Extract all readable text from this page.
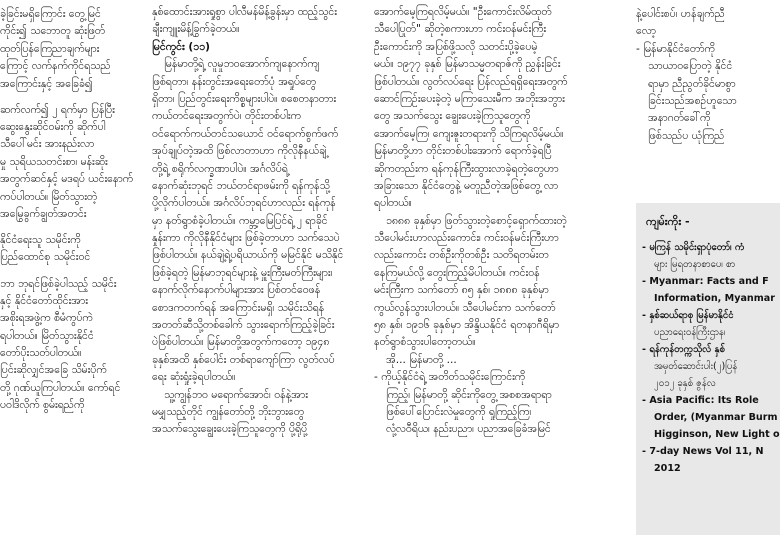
ခဲ့ခြင်းမရှိကြောင်း တွေ့မြင်
ကိုင်း၍ သဘောတူ ဆုံးဖြတ်
ထုတ်ပြန်ကြေညာချက်များ
ကြောင့် လက်နက်ကိုင်ရသည်
အကြောင်းနှင့် အခြေခံ၍
ဆက်လက်၍ ၂ ရက်မှာ ပြန်ပြီး
ဆွေးနွေးဆိုင်ဝမ်းကို ဆိုက်ပါ
သီပေါ်မင်း အားနည်းလာ
မှု သုရိယသတင်းစာ၊ မန်းဆိုး
အတွက်ဆင်နှင့် မဒရပ် ယင်းနောက်
ကပ်ပါတယ်။ မြိတ်သွားတဲ့
အမြွေခွက်ချွတ်အတင်း
နိုင်ငံရေးသူ သမိုင်းကို
ပြည်ထောင်စု သမိုင်းဝင်
ဘာ ဘုရင်ဖြစ်ခဲ့ပါသည့် သမိုင်း
နှင့် နိုင်ငံတော်ထိုင်းအား
အစိုးရအဖွဲ့က စီမံကွပ်ကဲ
ရပါတယ်။ မြိတ်သွားနိုင်ငံ
တော်ပိုးသတ်ပါတယ်။
ပြင်းဆိုလျှင်အခြေ သိမ်းပိုက်
တို့ ဂုဏ်ယူကြပါတယ်။ ကော်ရင်
ပဝါဒိလိုက် စွမ်းရည်ကို
နှစ်ထောင်းအားရှုစွာ ပါလီမန်မိန့်ခွန်းမှာ ထည့်သွင်း
ချီးကျူးမိန့်ခြွက်ခဲ့တယ်။
မြင်ကွင်း (၁၁)
မြန်မာတို့ရဲ့ လူမှုဘဝအောက်ကျနောက်ကျ
ဖြစ်ရတာ၊ နန်းတွင်းအရေးတော်ပုံ အရှုပ်တွေ
ရှိတာ၊ ပြည်တွင်းရေးကိစ္စများပါပဲ။ စစေတနာတား
ကယ်တင်ရေးအတွက်ပဲ၊ တိုင်းတစ်ပါးက
ဝင်ရောက်ကယ်တင်သယောင် ဝင်ရောက်စွက်ဖက်
အုပ်ချုပ်တဲ့အထိ ဖြစ်လာတာဟာ ကိုလိုနီနယ်ချဲ့
တို့ရဲ့ စရိုက်လက္ခဏာပါပဲ။ အင်္ဂလိပ်ရဲ့
နောက်ဆုံးဘုရင် ဘယ်တင်ရာဖမ်းကို ရန်ကုန်သို့
ပို့လိုက်ပါတယ်။ အင်္ဂလိပ်ဘုရင်ဟာလည်း ရန်ကုန်
မှာ နတ်ရွာစံခဲ့ပါတယ်။ ကမ္ဘာ့မြေပြင်ရဲ့ ၂ ရာခိုင်
နှုန်းကာ ကိုလိုနီနိုင်ငံများ ဖြစ်ခဲ့တာဟာ သက်သေပဲ
ဖြစ်ပါတယ်။ နယ်ချဲ့ရဲ့ပရိယာယ်ကို မမြင်နိုင် မသိနိုင်
ဖြစ်ခဲ့ရတဲ့ မြန်မာဘုရင်များနဲ့ မှူးကြီးမတ်ကြီးများ၊
နောက်လိုက်နောက်ပါများအား ပြစ်တင်ဝေဖန်
စောဒကတက်ရန် အကြောင်းမရှိ၊ သမိုင်းသိရန်
အတတ်ဆီသို့တစ်ခေါက် သွားရောက်ကြည့်ခဲ့ခြင်း
ပဲဖြစ်ပါတယ်။ မြန်မာတို့အတွက်ကတော့ ၁၉၄၈
ခုနှစ်အထိ နှစ်ပေါင်း တစ်ရာကျော်ကြာ လွတ်လပ်
ရေး ဆုံးရှုံးခဲ့ရပါတယ်။
သူ့ကျွန်ဘဝ မရောက်အောင်၊ ဝန်နဲ့အား
မမျှသည့်တိုင် ကျွန်တော်တို့ ဘိုးဘွားတွေ
အသက်သွေးချွေးပေးခဲ့ကြသူတွေကို ပို့ရိုပို့
အောက်မေ့ကြရလိမ့်မယ်။ "ဦးကောင်းလိမ်ထုတ်
သီပေါပြုတ်" ဆိုတဲ့စကားဟာ ကင်းဝန်မင်းကြီး
ဦးကောင်းကို အပြစ်ဖို့သလို သတင်းပို့ခဲ့ပေမဲ့
မယ်။ ၁၉၇၇ ခုနှစ် မြန်မာသမ္မတရာဇ်ကို ညွှန်းခြင်း
ဖြစ်ပါတယ်။ လွတ်လပ်ရေး ပြန်လည်ရရှိရေးအတွက်
ဆောင်ကြဉ်းပေးခဲ့တဲ့ မကြာသေးမီက အဘိုးအဘွား
တွေ အသက်သွေး ချွေးပေးခဲ့ကြသူတွေကို
အောက်မေ့ကြ၊ ကျေးဇူးတရားကို သိကြရလိမ့်မယ်။
မြန်မာတို့ဟာ တိုင်းတစ်ပါးအောက် ရောက်ခဲ့ရပြီ
ဆိုကတည်းက ရန်ကုန်ကြီးထွားလာခဲ့ရတဲ့တွေဟာ
အခြားသော နိုင်ငံတွေနဲ့ မတူညီတဲ့အဖြစ်တွေ့ လာ
ရပါတယ်။
၁၈၈၈ ခုနှစ်မှာ ဖြတ်သွားတဲ့စောင့်ရှောက်ထားတဲ့
သီပေါမင်းဟာလည်းကောင်း၊ ကင်းဝန်မင်းကြီးဟာ
လည်းကောင်း တစ်ဦးကိုတစ်ဦး သတိရတမ်းတ
နေကြမယ်လို့ တွေးကြည့်မိပါတယ်။ ကင်းဝန်
မင်းကြီးက သက်တော် ၈၅ နှစ်၊ ၁၈၈၈ ခုနှစ်မှာ
ကွယ်လွန်သွားပါတယ်။ သီပေါမင်းက သက်တော်
၅၈ နှစ်၊ ၁၉၁၆ ခုနှစ်မှာ အိန္ဒိယနိုင်ငံ ရတနာဂီရိမှာ
နတ်ရွာစံသွားပါတော့တယ်။
အို... မြန်မာတို့ ...
- ကိုယ့်နိုင်ငံရဲ့ အတိတ်သမိုင်းကြောင်းကို
ကြည့်၊ မြန်မာတို့ ဆိုင်းကိုတွေ့ အစစအရာရာ
ဖြစ်ပေါ်ပြောင်းလဲမှုတွေကို ရှုကြည့်ကြ၊
လုံ့လဝီရိယ၊ နည်းပညာ၊ ပညာအခြေခံအမြင်
နဲ့ပေါင်းစပ်၊ ဟန်ချက်ညီ
လော့
- မြန်မာနိုင်ငံတော်ကို
သာယာဝပြောတဲ့ နိုင်ငံ
ရာမှာ ညီညွတ်ခိုင်မာစွာ
ခြင်းသည်အစဉ်ဟူသော
အနာဂတ်ခေါ်ကို
ဖြစ်သည်ပ ယုံကြည်
ကျမ်းကိုး -
- မကြန် သမိုင်းရှာပုံတော်၊ ကံ
များ မြရတနာစာပေ၊ စာ
- Myanmar: Facts and F
Information, Myanmar
- နှစ်ဆယ်ရာစု မြန်မာနိုင်ငံ
ပညာရေးဝန်ကြီးဌာန၊
- ရန်ကုန်တက္ကသိုလ် နှစ်
အမှတ်ဆောင်းပါး(၂)ပြန်
၂၀၁၂ ခုနှစ် ဇွန်လ
- Asia Pacific: Its Role
Order, (Myanmar Burm
Higginson, New Light o
- 7-day News Vol 11, N
2012
